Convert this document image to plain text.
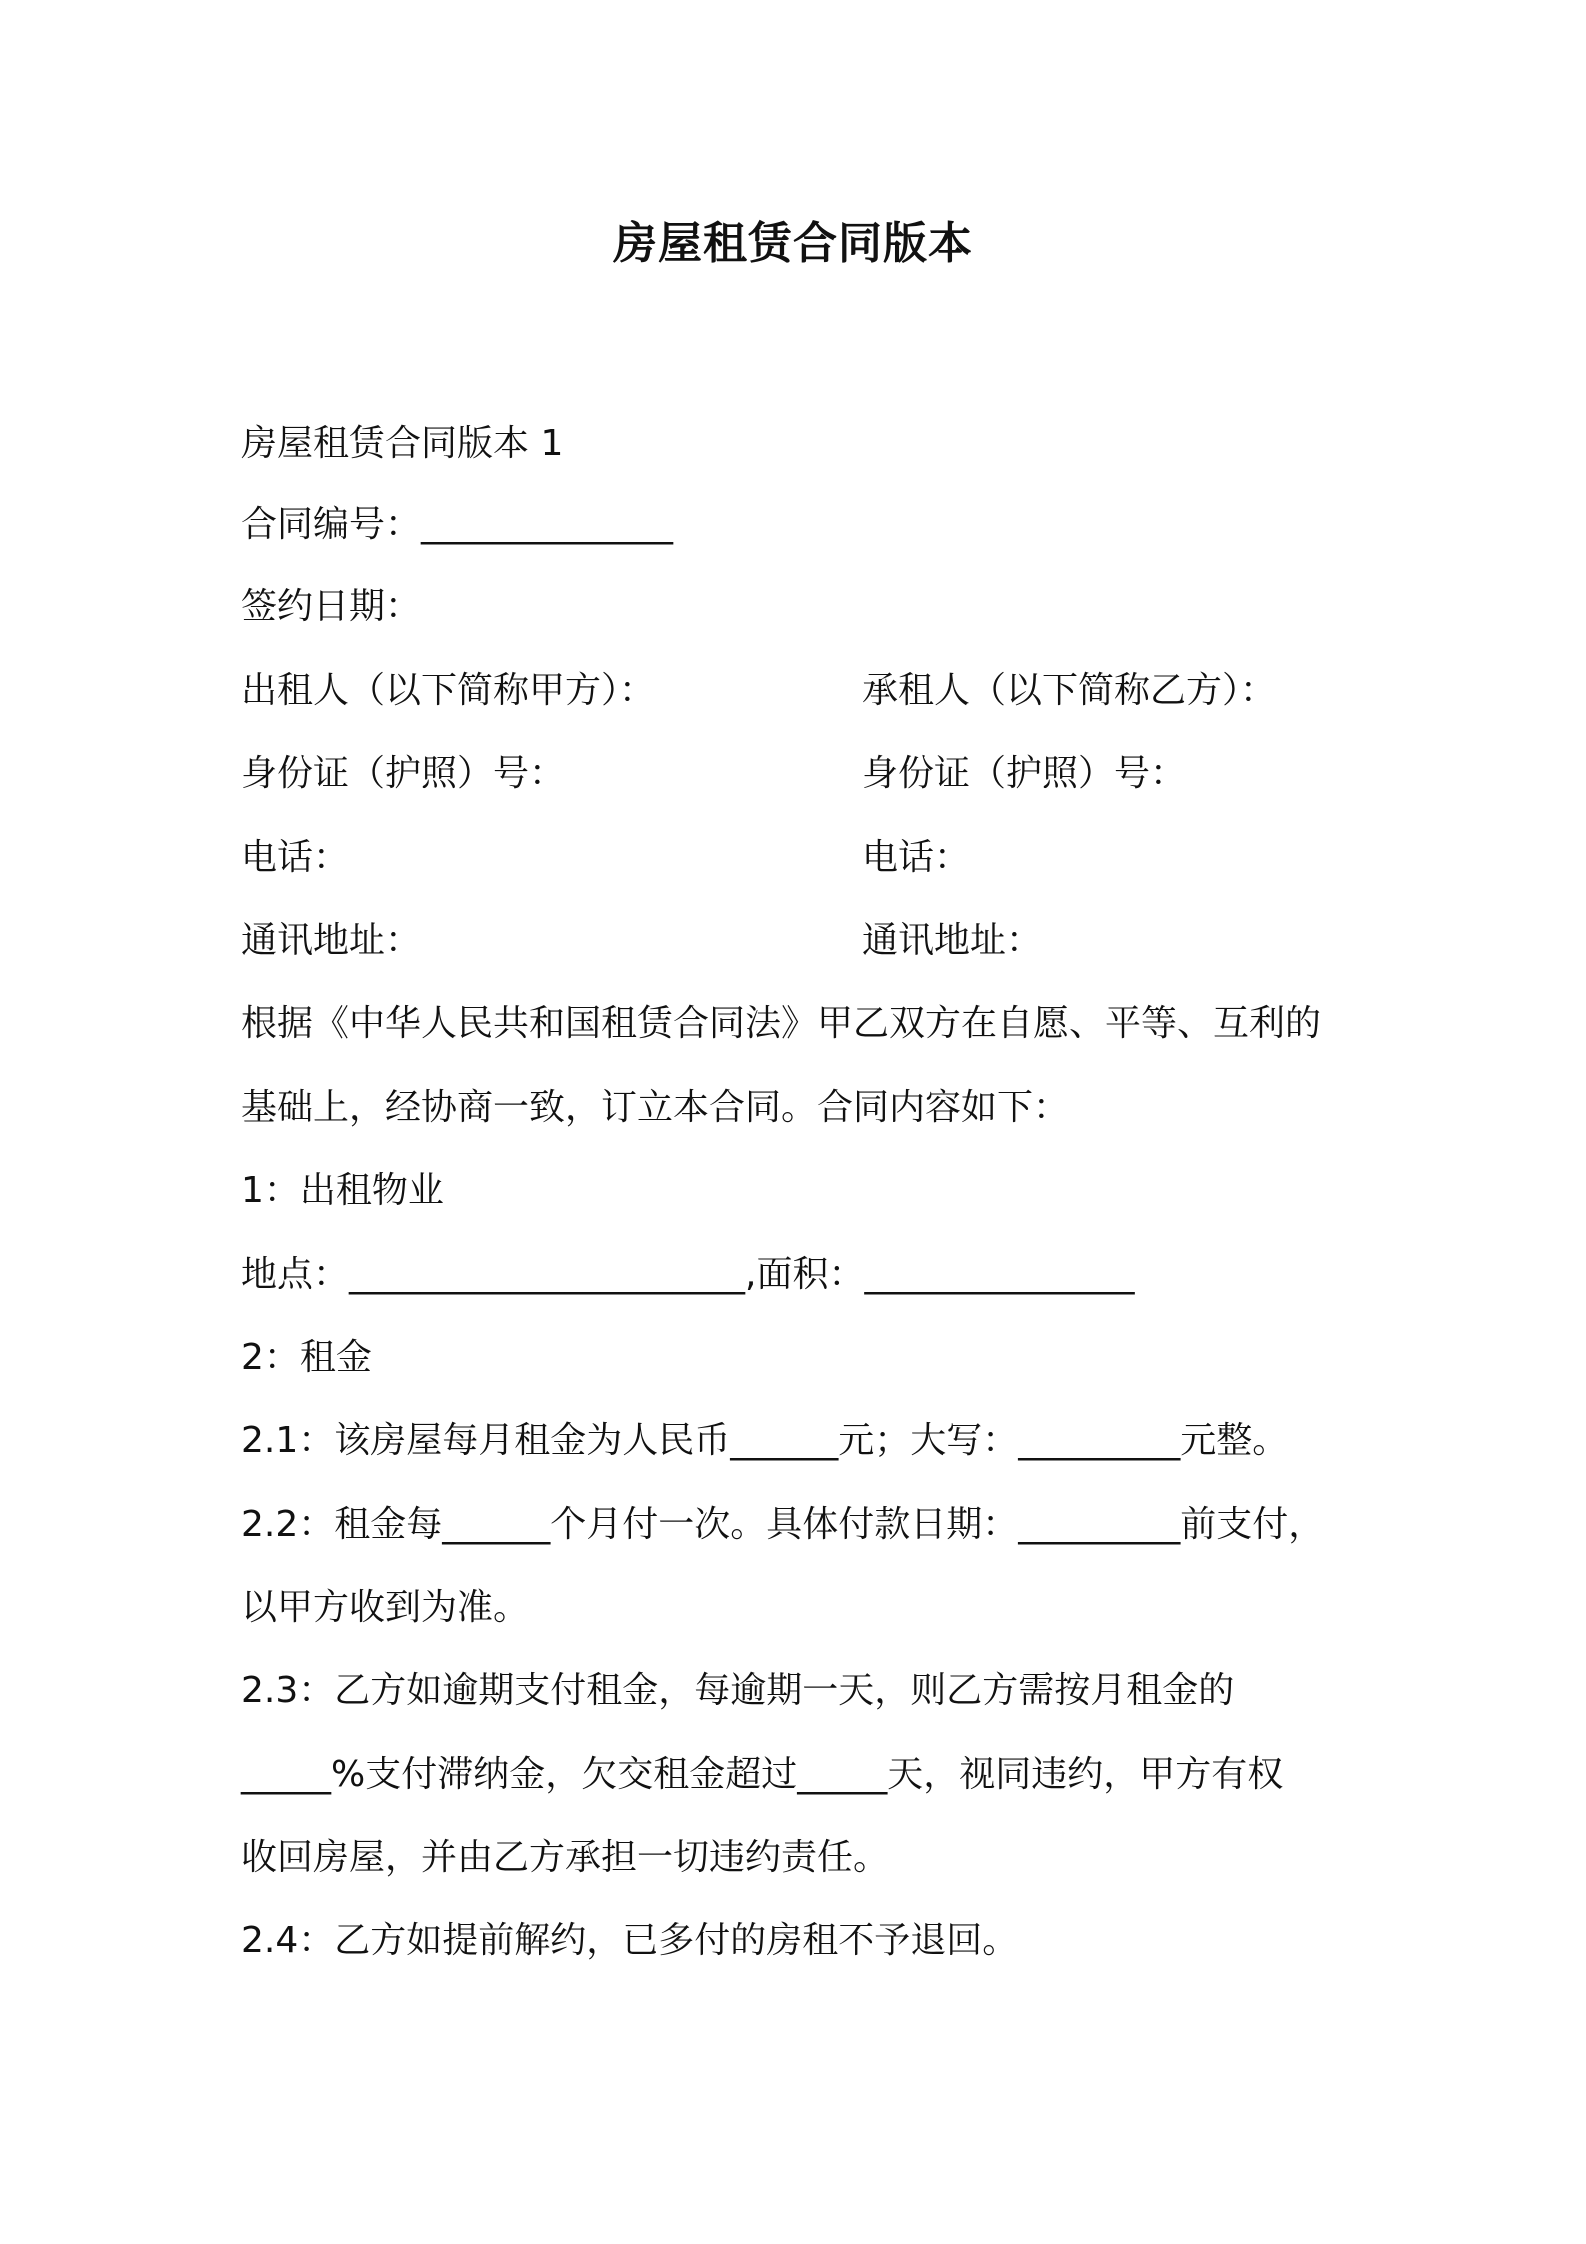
房屋租赁合同版本
房屋租赁合同版本 1
合同编号：______________
签约日期：
出租人（以下简称甲方）：	承租人（以下简称乙方）：
身份证（护照）号：	身份证（护照）号：
电话：	电话：
通讯地址：	通讯地址：
根据《中华人民共和国租赁合同法》甲乙双方在自愿、平等、互利的
基础上，经协商一致，订立本合同。合同内容如下：
1：出租物业
地点：______________________,面积：_______________
2：租金
2.1：该房屋每月租金为人民币______元；大写：_________元整。
2.2：租金每______个月付一次。具体付款日期：_________前支付，
以甲方收到为准。
2.3：乙方如逾期支付租金，每逾期一天，则乙方需按月租金的
_____%支付滞纳金，欠交租金超过_____天，视同违约，甲方有权
收回房屋，并由乙方承担一切违约责任。
2.4：乙方如提前解约，已多付的房租不予退回。
